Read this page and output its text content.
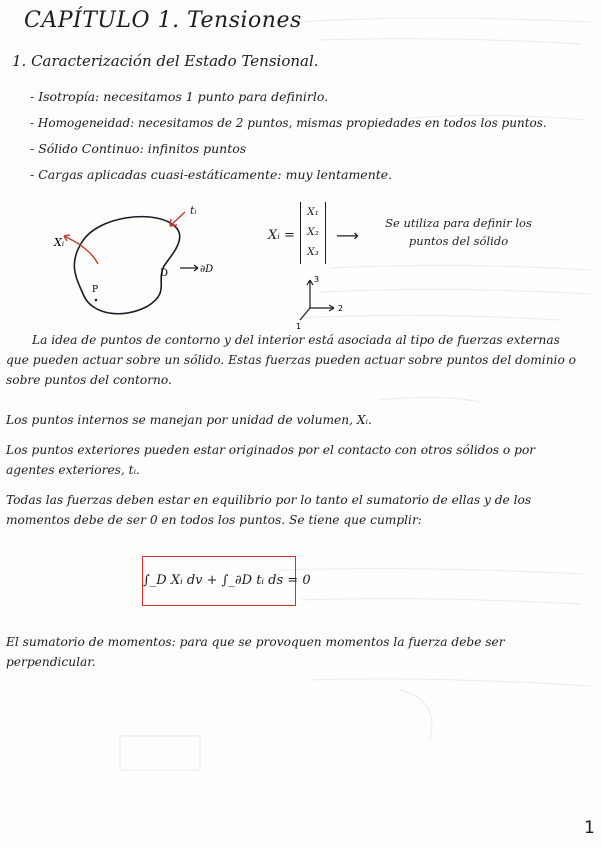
CAPÍTULO 1. Tensiones
1. Caracterización del Estado Tensional.
- Isotropía: necesitamos 1 punto para definirlo.
- Homogeneidad: necesitamos de 2 puntos, mismas propiedades en todos los puntos.
- Sólido Continuo: infinitos puntos
- Cargas aplicadas cuasi-estáticamente: muy lentamente.
Xᵢ
tᵢ
D	∂D
P
Xᵢ =
X₁
X₂
X₃
⟶
Se utiliza para definir los puntos del sólido
3
2
1

La idea de puntos de contorno y del interior está asociada al tipo de fuerzas externas que pueden actuar sobre un sólido. Estas fuerzas pueden actuar sobre puntos del dominio o sobre puntos del contorno.

Los puntos internos se manejan por unidad de volumen, Xᵢ.

Los puntos exteriores pueden estar originados por el contacto con otros sólidos o por agentes exteriores, tᵢ.

Todas las fuerzas deben estar en equilibrio por lo tanto el sumatorio de ellas y de los momentos debe de ser 0 en todos los puntos. Se tiene que cumplir:

∫_D Xᵢ dv + ∫_∂D tᵢ ds = 0

El sumatorio de momentos: para que se provoquen momentos la fuerza debe ser perpendicular.

1
